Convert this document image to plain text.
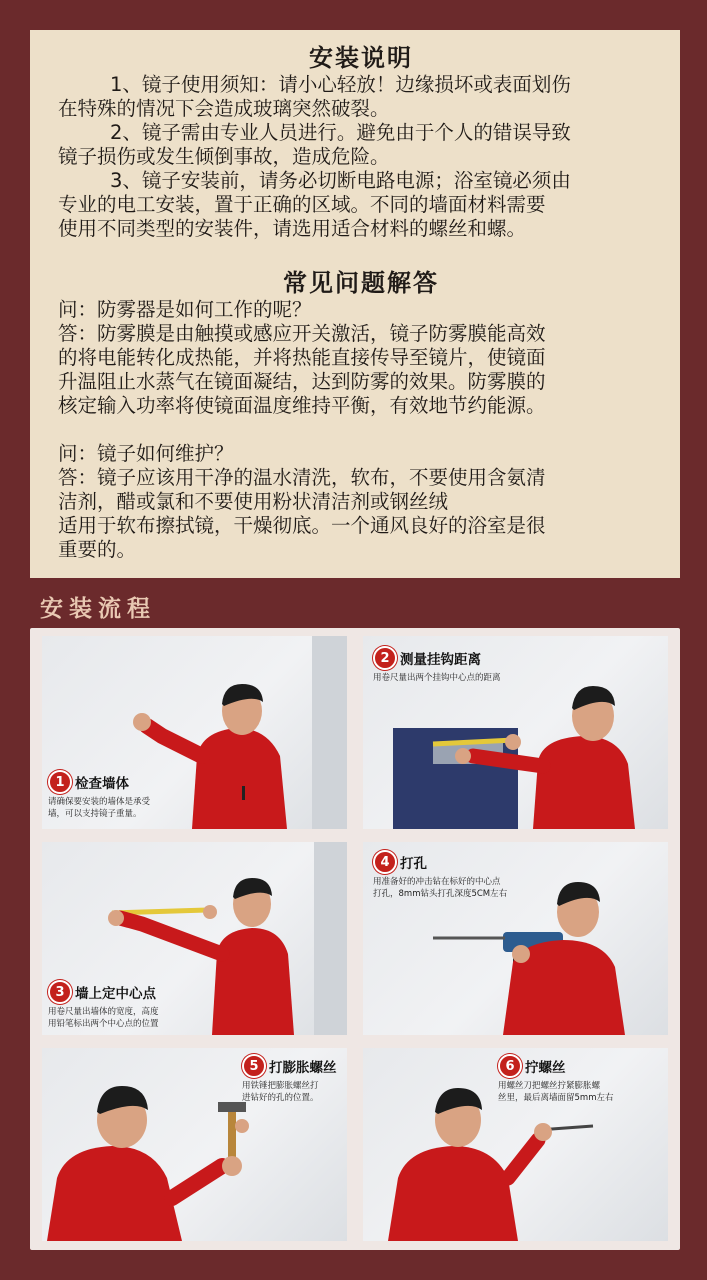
安装说明

1、镜子使用须知：请小心轻放！边缘损坏或表面划伤

在特殊的情况下会造成玻璃突然破裂。

2、镜子需由专业人员进行。避免由于个人的错误导致

镜子损伤或发生倾倒事故，造成危险。

3、镜子安装前，请务必切断电路电源；浴室镜必须由

专业的电工安装，置于正确的区域。不同的墙面材料需要

使用不同类型的安装件，请选用适合材料的螺丝和螺。

常见问题解答

问：防雾器是如何工作的呢？

答：防雾膜是由触摸或感应开关激活，镜子防雾膜能高效

的将电能转化成热能，并将热能直接传导至镜片，使镜面

升温阻止水蒸气在镜面凝结，达到防雾的效果。防雾膜的

核定输入功率将使镜面温度维持平衡，有效地节约能源。

问：镜子如何维护？

答：镜子应该用干净的温水清洗，软布，不要使用含氨清

洁剂，醋或氯和不要使用粉状清洁剂或钢丝绒

适用于软布擦拭镜，干燥彻底。一个通风良好的浴室是很

重要的。

安装流程
1 检查墙体
请确保要安装的墙体是承受
墙，可以支持镜子重量。
2 测量挂钩距离
用卷尺量出两个挂钩中心点的距离
3 墙上定中心点
用卷尺量出墙体的宽度，高度
用铅笔标出两个中心点的位置
4 打孔
用准备好的冲击钻在标好的中心点
打孔，8mm钻头打孔深度5CM左右
5 打膨胀螺丝
用铁锤把膨胀螺丝打
进钻好的孔的位置。
6 拧螺丝
用螺丝刀把螺丝拧紧膨胀螺
丝里，最后离墙面留5mm左右
